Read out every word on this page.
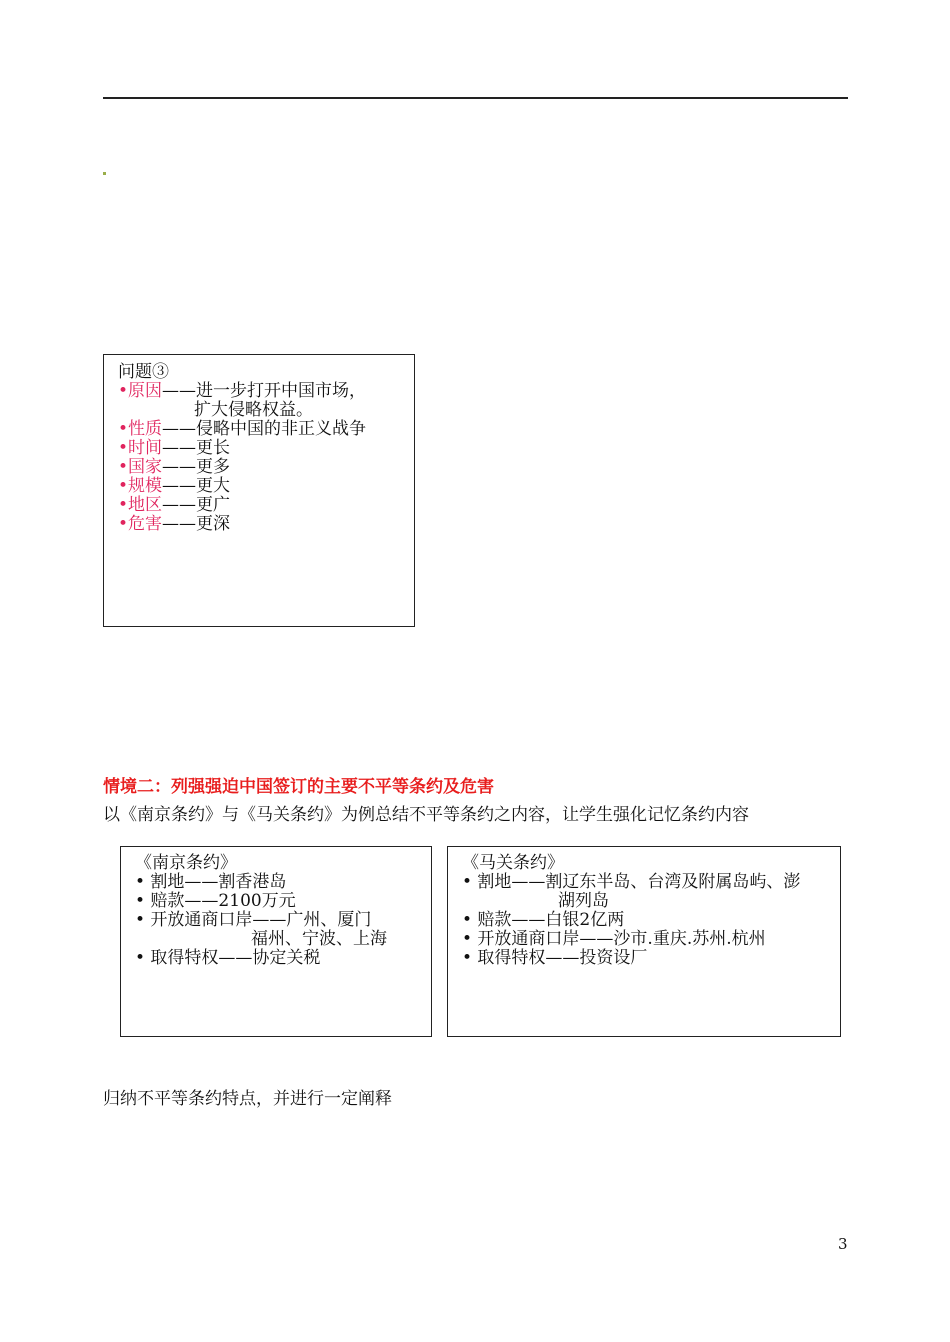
问题③
•原因——进一步打开中国市场，
扩大侵略权益。
•性质——侵略中国的非正义战争
•时间——更长
•国家——更多
•规模——更大
•地区——更广
•危害——更深
情境二：列强强迫中国签订的主要不平等条约及危害
以《南京条约》与《马关条约》为例总结不平等条约之内容，让学生强化记忆条约内容
《南京条约》
• 割地——割香港岛
• 赔款——2100万元
• 开放通商口岸——广州、厦门
福州、宁波、上海
• 取得特权——协定关税
《马关条约》
• 割地——割辽东半岛、台湾及附属岛屿、澎
湖列岛
• 赔款——白银2亿两
• 开放通商口岸——沙市.重庆.苏州.杭州
• 取得特权——投资设厂
归纳不平等条约特点，并进行一定阐释
3
